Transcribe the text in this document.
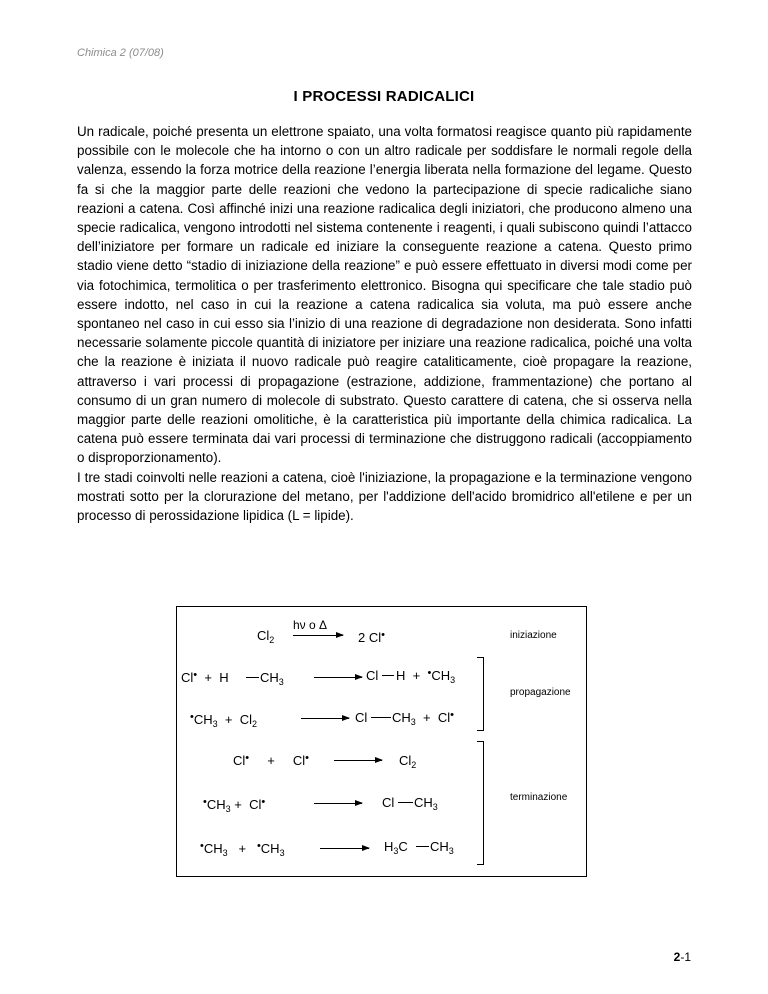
Chimica 2 (07/08)
I PROCESSI RADICALICI

Un radicale, poiché presenta un elettrone spaiato, una volta formatosi reagisce quanto più rapidamente possibile con le molecole che ha intorno o con un altro radicale per soddisfare le normali regole della valenza, essendo la forza motrice della reazione l’energia liberata nella formazione del legame. Questo fa si che la maggior parte delle reazioni che vedono la partecipazione di specie radicaliche siano reazioni a catena. Così affinché inizi una reazione radicalica degli iniziatori, che producono almeno una specie radicalica, vengono introdotti nel sistema contenente i reagenti, i quali subiscono quindi l’attacco dell’iniziatore per formare un radicale ed iniziare la conseguente reazione a catena. Questo primo stadio viene detto “stadio di iniziazione della reazione” e può essere effettuato in diversi modi come per via fotochimica, termolitica o per trasferimento elettronico. Bisogna qui specificare che tale stadio può essere indotto, nel caso in cui la reazione a catena radicalica sia voluta, ma può essere anche spontaneo nel caso in cui esso sia l’inizio di una reazione di degradazione non desiderata. Sono infatti necessarie solamente piccole quantità di iniziatore per iniziare una reazione radicalica, poiché una volta che la reazione è iniziata il nuovo radicale può reagire cataliticamente, cioè propagare la reazione, attraverso i vari processi di propagazione (estrazione, addizione, frammentazione) che portano al consumo di un gran numero di molecole di substrato. Questo carattere di catena, che si osserva nella maggior parte delle reazioni omolitiche, è la caratteristica più importante della chimica radicalica. La catena può essere terminata dai vari processi di terminazione che distruggono radicali (accoppiamento o disproporzionamento).

I tre stadi coinvolti nelle reazioni a catena, cioè l'iniziazione, la propagazione e la terminazione vengono mostrati sotto per la clorurazione del metano, per l'addizione dell'acido bromidrico all'etilene e per un processo di perossidazione lipidica (L = lipide).

$Cl_2$
hν o Δ
→ 2 Cl•	iniziazione
Cl• + H $CH_3 \to Cl$ $H + ^•CH_3$
propagazione
$^•CH_3 + Cl_2 \to Cl$ $CH_3 + Cl^•$
$Cl^• + Cl^• \to Cl_2$
$^•CH_3 + Cl^•$	→ Cl $CH_3$
terminazione
$^•CH_3 + ^•CH_3 \to H_3C$ $CH_3$
2-1
